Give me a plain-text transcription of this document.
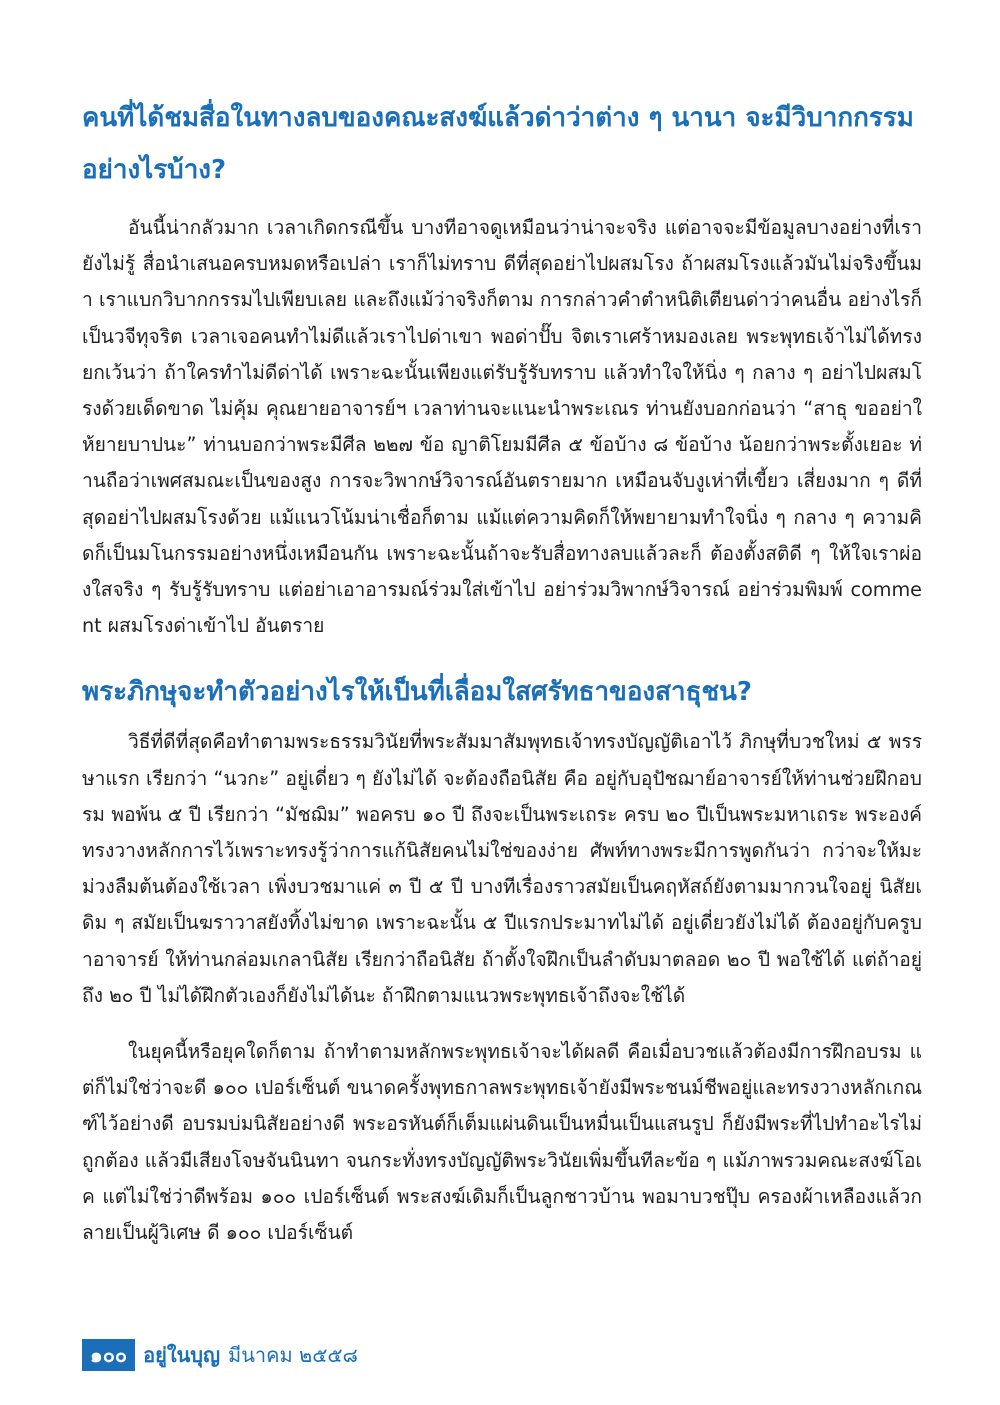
คนที่ได้ชมสื่อในทางลบของคณะสงฆ์แล้วด่าว่าต่าง ๆ นานา จะมีวิบากกรรมอย่างไรบ้าง?

อันนี้น่ากลัวมาก เวลาเกิดกรณีขึ้น บางทีอาจดูเหมือนว่าน่าจะจริง แต่อาจจะมีข้อมูลบางอย่างที่เรายังไม่รู้ สื่อนำเสนอครบหมดหรือเปล่า เราก็ไม่ทราบ ดีที่สุดอย่าไปผสมโรง ถ้าผสมโรงแล้วมันไม่จริงขึ้นมา เราแบกวิบากกรรมไปเพียบเลย และถึงแม้ว่าจริงก็ตาม การกล่าวคำตำหนิติเตียนด่าว่าคนอื่น อย่างไรก็เป็นวจีทุจริต เวลาเจอคนทำไม่ดีแล้วเราไปด่าเขา พอด่าปั๊บ จิตเราเศร้าหมองเลย พระพุทธเจ้าไม่ได้ทรงยกเว้นว่า ถ้าใครทำไม่ดีด่าได้ เพราะฉะนั้นเพียงแต่รับรู้รับทราบ แล้วทำใจให้นิ่ง ๆ กลาง ๆ อย่าไปผสมโรงด้วยเด็ดขาด ไม่คุ้ม คุณยายอาจารย์ฯ เวลาท่านจะแนะนำพระเณร ท่านยังบอกก่อนว่า “สาธุ ขออย่าให้ยายบาปนะ” ท่านบอกว่าพระมีศีล ๒๒๗ ข้อ ญาติโยมมีศีล ๕ ข้อบ้าง ๘ ข้อบ้าง น้อยกว่าพระตั้งเยอะ ท่านถือว่าเพศสมณะเป็นของสูง การจะวิพากษ์วิจารณ์อันตรายมาก เหมือนจับงูเห่าที่เขี้ยว เสี่ยงมาก ๆ ดีที่สุดอย่าไปผสมโรงด้วย แม้แนวโน้มน่าเชื่อก็ตาม แม้แต่ความคิดก็ให้พยายามทำใจนิ่ง ๆ กลาง ๆ ความคิดก็เป็นมโนกรรมอย่างหนึ่งเหมือนกัน เพราะฉะนั้นถ้าจะรับสื่อทางลบแล้วละก็ ต้องตั้งสติดี ๆ ให้ใจเราผ่องใสจริง ๆ รับรู้รับทราบ แต่อย่าเอาอารมณ์ร่วมใส่เข้าไป อย่าร่วมวิพากษ์วิจารณ์ อย่าร่วมพิมพ์ comment ผสมโรงด่าเข้าไป อันตราย

พระภิกษุจะทำตัวอย่างไรให้เป็นที่เลื่อมใสศรัทธาของสาธุชน?

วิธีที่ดีที่สุดคือทำตามพระธรรมวินัยที่พระสัมมาสัมพุทธเจ้าทรงบัญญัติเอาไว้ ภิกษุที่บวชใหม่ ๕ พรรษาแรก เรียกว่า “นวกะ” อยู่เดี่ยว ๆ ยังไม่ได้ จะต้องถือนิสัย คือ อยู่กับอุปัชฌาย์อาจารย์ให้ท่านช่วยฝึกอบรม พอพ้น ๕ ปี เรียกว่า “มัชฌิม” พอครบ ๑๐ ปี ถึงจะเป็นพระเถระ ครบ ๒๐ ปีเป็นพระมหาเถระ พระองค์ทรงวางหลักการไว้เพราะทรงรู้ว่าการแก้นิสัยคนไม่ใช่ของง่าย ศัพท์ทางพระมีการพูดกันว่า กว่าจะให้มะม่วงลืมต้นต้องใช้เวลา เพิ่งบวชมาแค่ ๓ ปี ๕ ปี บางทีเรื่องราวสมัยเป็นคฤหัสถ์ยังตามมากวนใจอยู่ นิสัยเดิม ๆ สมัยเป็นฆราวาสยังทิ้งไม่ขาด เพราะฉะนั้น ๕ ปีแรกประมาทไม่ได้ อยู่เดี่ยวยังไม่ได้ ต้องอยู่กับครูบาอาจารย์ ให้ท่านกล่อมเกลานิสัย เรียกว่าถือนิสัย ถ้าตั้งใจฝึกเป็นลำดับมาตลอด ๒๐ ปี พอใช้ได้ แต่ถ้าอยู่ถึง ๒๐ ปี ไม่ได้ฝึกตัวเองก็ยังไม่ได้นะ ถ้าฝึกตามแนวพระพุทธเจ้าถึงจะใช้ได้

ในยุคนี้หรือยุคใดก็ตาม ถ้าทำตามหลักพระพุทธเจ้าจะได้ผลดี คือเมื่อบวชแล้วต้องมีการฝึกอบรม แต่ก็ไม่ใช่ว่าจะดี ๑๐๐ เปอร์เซ็นต์ ขนาดครั้งพุทธกาลพระพุทธเจ้ายังมีพระชนม์ชีพอยู่และทรงวางหลักเกณฑ์ไว้อย่างดี อบรมบ่มนิสัยอย่างดี พระอรหันต์ก็เต็มแผ่นดินเป็นหมื่นเป็นแสนรูป ก็ยังมีพระที่ไปทำอะไรไม่ถูกต้อง แล้วมีเสียงโจษจันนินทา จนกระทั่งทรงบัญญัติพระวินัยเพิ่มขึ้นทีละข้อ ๆ แม้ภาพรวมคณะสงฆ์โอเค แต่ไม่ใช่ว่าดีพร้อม ๑๐๐ เปอร์เซ็นต์ พระสงฆ์เดิมก็เป็นลูกชาวบ้าน พอมาบวชปุ๊บ ครองผ้าเหลืองแล้วกลายเป็นผู้วิเศษ ดี ๑๐๐ เปอร์เซ็นต์

๑๐๐ อยู่ในบุญ มีนาคม ๒๕๕๘
